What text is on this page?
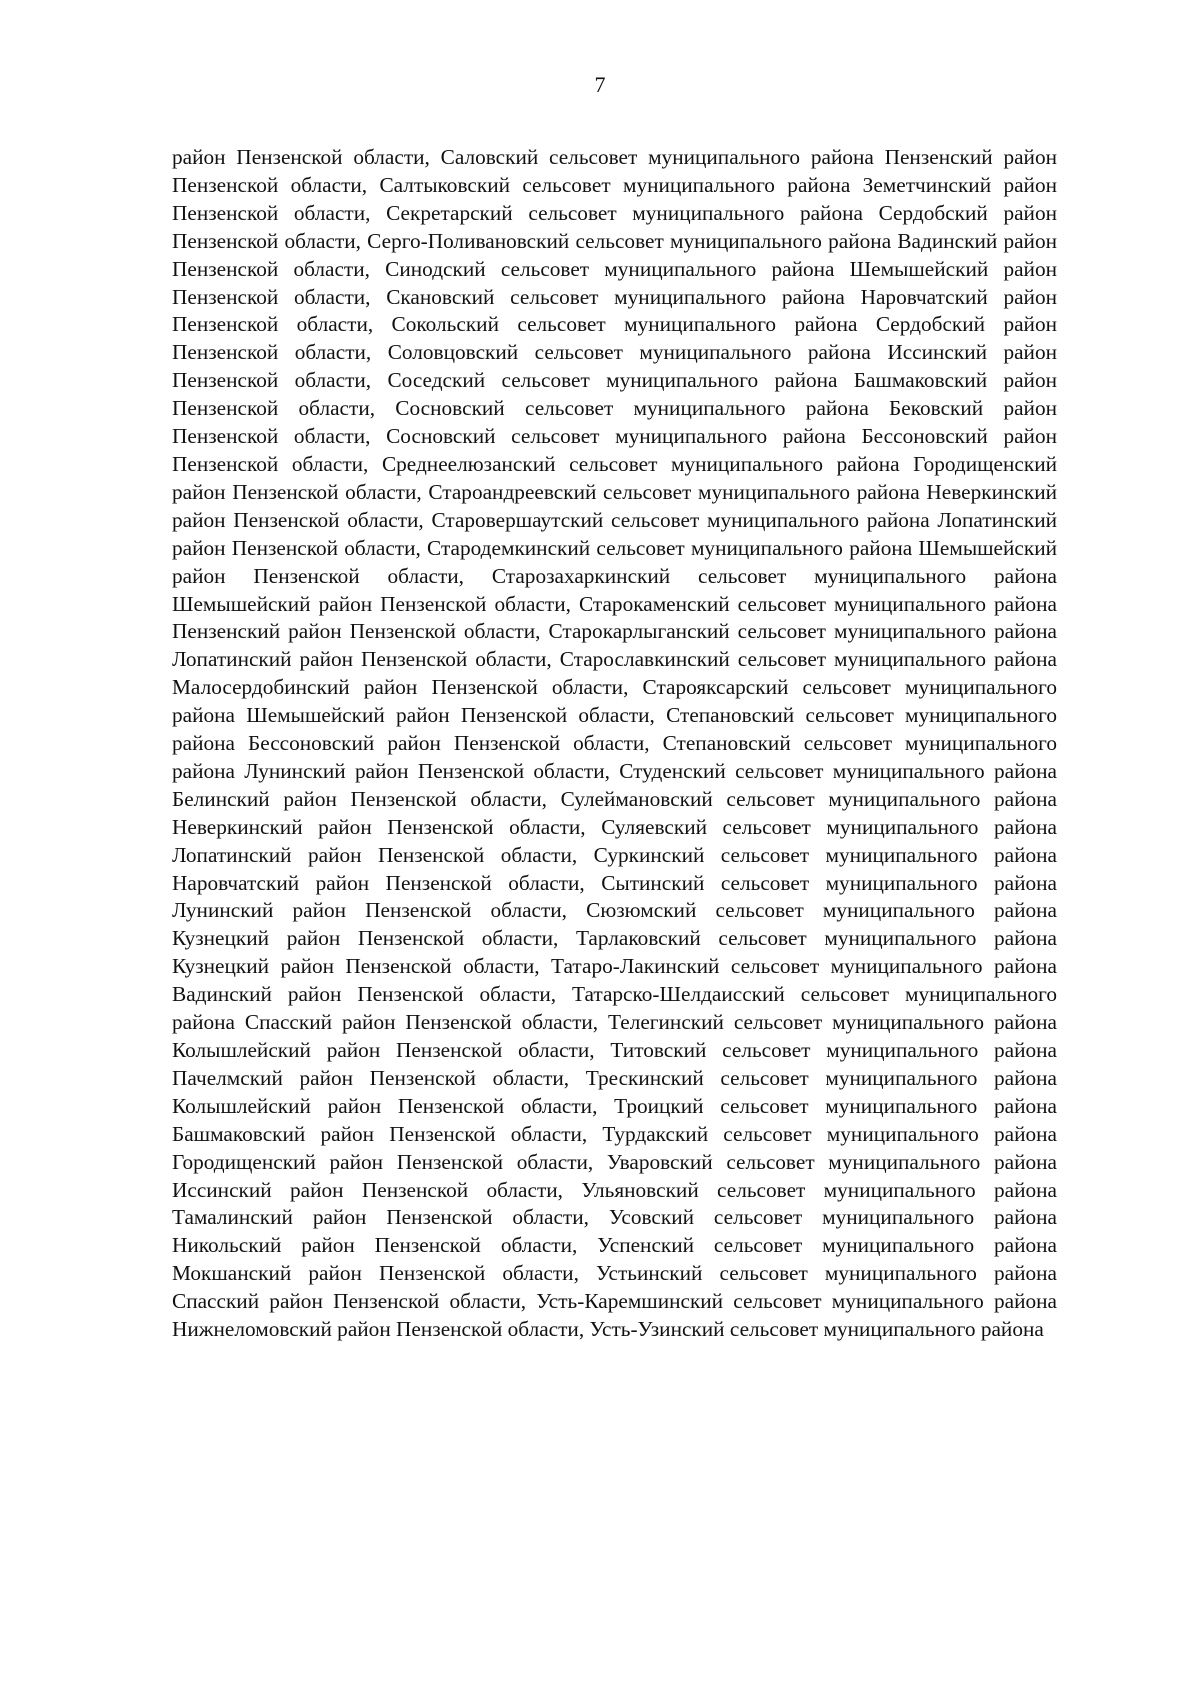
7

район Пензенской области, Саловский сельсовет муниципального района Пензенский район Пензенской области, Салтыковский сельсовет муниципального района Земетчинский район Пензенской области, Секретарский сельсовет муниципального района Сердобский район Пензенской области, Серго-Поливановский сельсовет муниципального района Вадинский район Пензенской области, Синодский сельсовет муниципального района Шемышейский район Пензенской области, Сканoвский сельсовет муниципального района Наровчатский район Пензенской области, Сокольский сельсовет муниципального района Сердобский район Пензенской области, Соловцовский сельсовет муниципального района Иссинский район Пензенской области, Соседский сельсовет муниципального района Башмаковский район Пензенской области, Сосновский сельсовет муниципального района Бековский район Пензенской области, Сосновский сельсовет муниципального района Бессоновский район Пензенской области, Среднеелюзанский сельсовет муниципального района Городищенский район Пензенской области, Староандреевский сельсовет муниципального района Неверкинский район Пензенской области, Старовершаутский сельсовет муниципального района Лопатинский район Пензенской области, Стародемкинский сельсовет муниципального района Шемышейский район Пензенской области, Старозахаркинский сельсовет муниципального района Шемышейский район Пензенской области, Старокаменский сельсовет муниципального района Пензенский район Пензенской области, Старокарлыганский сельсовет муниципального района Лопатинский район Пензенской области, Старославкинский сельсовет муниципального района Малосердобинский район Пензенской области, Старояксарский сельсовет муниципального района Шемышейский район Пензенской области, Степановский сельсовет муниципального района Бессоновский район Пензенской области, Степановский сельсовет муниципального района Лунинский район Пензенской области, Студенский сельсовет муниципального района Белинский район Пензенской области, Сулеймановский сельсовет муниципального района Неверкинский район Пензенской области, Суляевский сельсовет муниципального района Лопатинский район Пензенской области, Суркинский сельсовет муниципального района Наровчатский район Пензенской области, Сытинский сельсовет муниципального района Лунинский район Пензенской области, Сюзюмский сельсовет муниципального района Кузнецкий район Пензенской области, Тарлаковский сельсовет муниципального района Кузнецкий район Пензенской области, Татаро-Лакинский сельсовет муниципального района Вадинский район Пензенской области, Татарско-Шелдаисский сельсовет муниципального района Спасский район Пензенской области, Телегинский сельсовет муниципального района Колышлейский район Пензенской области, Титовский сельсовет муниципального района Пачелмский район Пензенской области, Трескинский сельсовет муниципального района Колышлейский район Пензенской области, Троицкий сельсовет муниципального района Башмаковский район Пензенской области, Турдакский сельсовет муниципального района Городищенский район Пензенской области, Уваровский сельсовет муниципального района Иссинский район Пензенской области, Ульяновский сельсовет муниципального района Тамалинский район Пензенской области, Усовский сельсовет муниципального района Никольский район Пензенской области, Успенский сельсовет муниципального района Мокшанский район Пензенской области, Устьинский сельсовет муниципального района Спасский район Пензенской области, Усть-Каремшинский сельсовет муниципального района Нижнеломовский район Пензенской области, Усть-Узинский сельсовет муниципального района
